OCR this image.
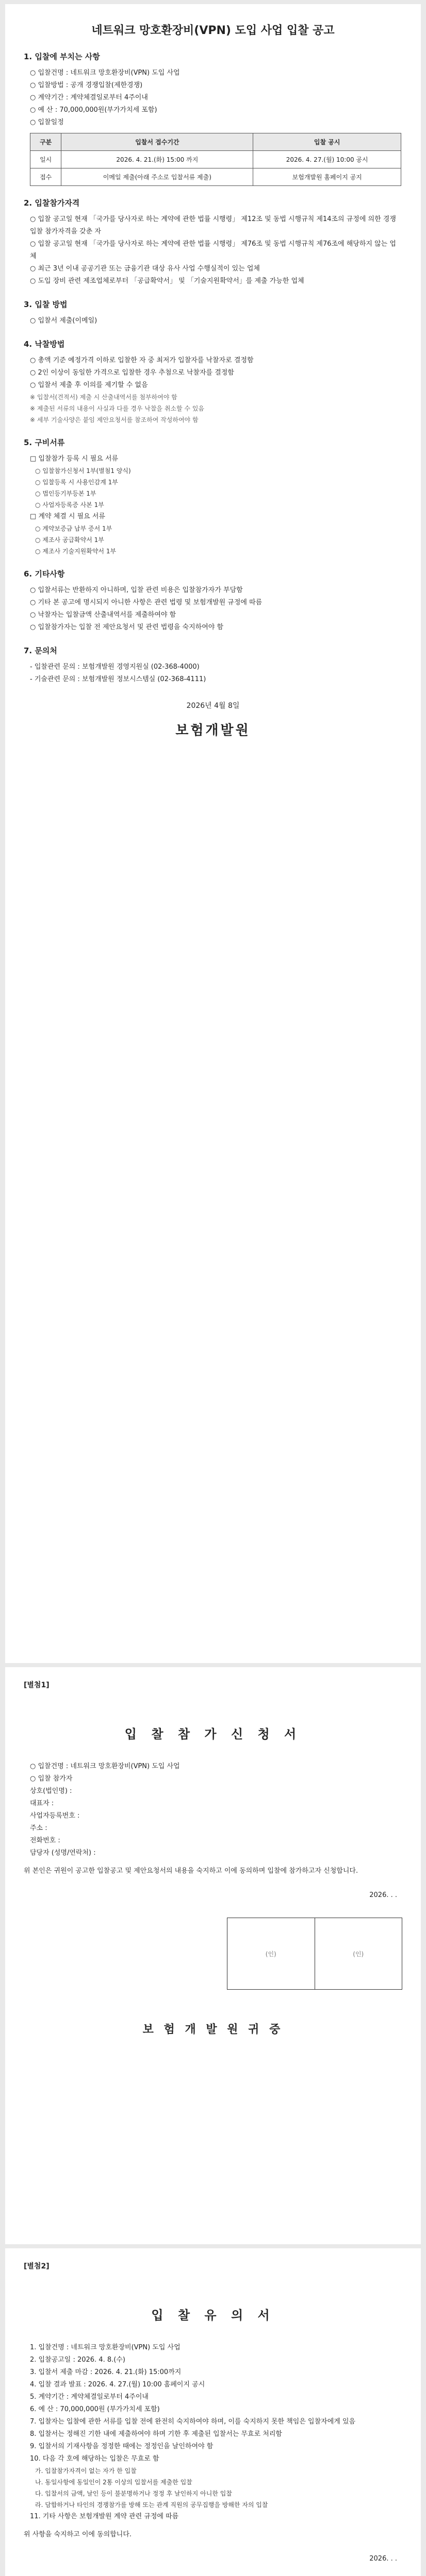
네트워크 망호환장비(VPN) 도입 사업 입찰 공고
1. 입찰에 부치는 사항
○ 입찰건명 : 네트워크 망호환장비(VPN) 도입 사업
○ 입찰방법 : 공개 경쟁입찰(제한경쟁)
○ 계약기간 : 계약체결일로부터 4주이내
○ 예 산 : 70,000,000원(부가가치세 포함)
○ 입찰일정
구분	입찰서 접수기간	입찰 공시
일시	2026. 4. 21.(화) 15:00 까지	2026. 4. 27.(월) 10:00 공시
접수	이메일 제출(아래 주소로 입찰서류 제출)	보험개발원 홈페이지 공지
2. 입찰참가자격
○ 입찰 공고일 현재 「국가를 당사자로 하는 계약에 관한 법률 시행령」 제12조 및 동법 시행규칙 제14조의 규정에 의한 경쟁입찰 참가자격을 갖춘 자
○ 입찰 공고일 현재 「국가를 당사자로 하는 계약에 관한 법률 시행령」 제76조 및 동법 시행규칙 제76조에 해당하지 않는 업체
○ 최근 3년 이내 공공기관 또는 금융기관 대상 유사 사업 수행실적이 있는 업체
○ 도입 장비 관련 제조업체로부터 「공급확약서」 및 「기술지원확약서」를 제출 가능한 업체
3. 입찰 방법
○ 입찰서 제출(이메일)
4. 낙찰방법
○ 총액 기준 예정가격 이하로 입찰한 자 중 최저가 입찰자를 낙찰자로 결정함
○ 2인 이상이 동일한 가격으로 입찰한 경우 추첨으로 낙찰자를 결정함
○ 입찰서 제출 후 이의를 제기할 수 없음
※ 입찰서(견적서) 제출 시 산출내역서를 첨부하여야 함
※ 제출된 서류의 내용이 사실과 다를 경우 낙찰을 취소할 수 있음
※ 세부 기술사양은 붙임 제안요청서를 참조하여 작성하여야 함
5. 구비서류
□ 입찰참가 등록 시 필요 서류
○ 입찰참가신청서 1부(별첨1 양식)
○ 입찰등록 시 사용인감계 1부
○ 법인등기부등본 1부
○ 사업자등록증 사본 1부
□ 계약 체결 시 필요 서류
○ 계약보증금 납부 증서 1부
○ 제조사 공급확약서 1부
○ 제조사 기술지원확약서 1부
6. 기타사항
○ 입찰서류는 반환하지 아니하며, 입찰 관련 비용은 입찰참가자가 부담함
○ 기타 본 공고에 명시되지 아니한 사항은 관련 법령 및 보험개발원 규정에 따름
○ 낙찰자는 입찰금액 산출내역서를 제출하여야 함
○ 입찰참가자는 입찰 전 제안요청서 및 관련 법령을 숙지하여야 함
7. 문의처
- 입찰관련 문의 : 보험개발원 경영지원실 (02-368-4000)
- 기술관련 문의 : 보험개발원 정보시스템실 (02-368-4111)
2026년 4월 8일
보험개발원
[별첨1]
입 찰 참 가 신 청 서
○ 입찰건명 : 네트워크 망호환장비(VPN) 도입 사업
○ 입찰 참가자
상호(법인명) :
대표자 :
사업자등록번호 :
주소 :
전화번호 :
담당자 (성명/연락처) :
위 본인은 귀원이 공고한 입찰공고 및 제안요청서의 내용을 숙지하고 이에 동의하며 입찰에 참가하고자 신청합니다.
2026. . .
(인)	(인)
보 험 개 발 원 귀 중
[별첨2]
입 찰 유 의 서
1. 입찰건명 : 네트워크 망호환장비(VPN) 도입 사업
2. 입찰공고일 : 2026. 4. 8.(수)
3. 입찰서 제출 마감 : 2026. 4. 21.(화) 15:00까지
4. 입찰 결과 발표 : 2026. 4. 27.(월) 10:00 홈페이지 공시
5. 계약기간 : 계약체결일로부터 4주이내
6. 예 산 : 70,000,000원 (부가가치세 포함)
7. 입찰자는 입찰에 관한 서류를 입찰 전에 완전히 숙지하여야 하며, 이를 숙지하지 못한 책임은 입찰자에게 있음
8. 입찰서는 정해진 기한 내에 제출하여야 하며 기한 후 제출된 입찰서는 무효로 처리함
9. 입찰서의 기재사항을 정정한 때에는 정정인을 날인하여야 함
10. 다음 각 호에 해당하는 입찰은 무효로 함
가. 입찰참가자격이 없는 자가 한 입찰
나. 동일사항에 동일인이 2통 이상의 입찰서를 제출한 입찰
다. 입찰서의 금액, 날인 등이 불분명하거나 정정 후 날인하지 아니한 입찰
라. 담합하거나 타인의 경쟁참가를 방해 또는 관계 직원의 공무집행을 방해한 자의 입찰
11. 기타 사항은 보험개발원 계약 관련 규정에 따름
위 사항을 숙지하고 이에 동의합니다.
2026. . .
